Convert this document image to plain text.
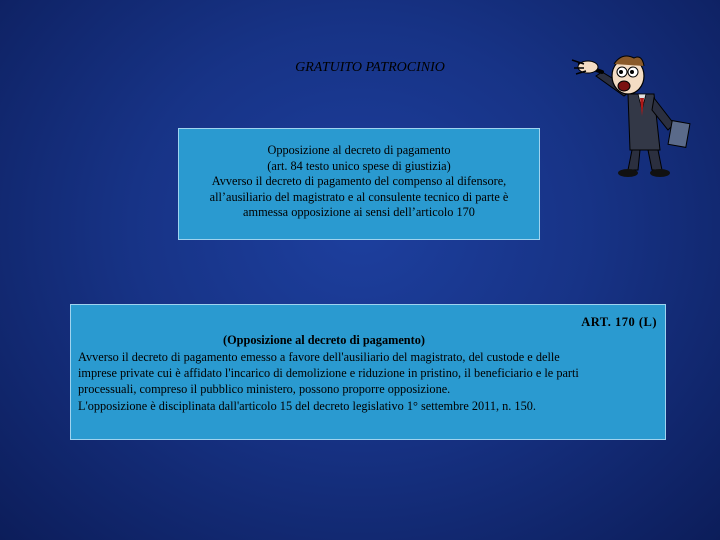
GRATUITO PATROCINIO
Opposizione al decreto di pagamento
(art. 84 testo unico spese di giustizia)
Avverso il decreto di pagamento del compenso al difensore,
all’ausiliario del magistrato e al consulente tecnico di parte è
ammessa opposizione ai sensi dell’articolo 170
ART. 170 (L)
(Opposizione al decreto di pagamento)
Avverso il decreto di pagamento emesso a favore dell'ausiliario del magistrato, del custode e delle
imprese private cui è affidato l'incarico di demolizione e riduzione in pristino, il beneficiario e le parti
processuali, compreso il pubblico ministero, possono proporre opposizione.
L'opposizione è disciplinata dall'articolo 15 del decreto legislativo 1° settembre 2011, n. 150.
